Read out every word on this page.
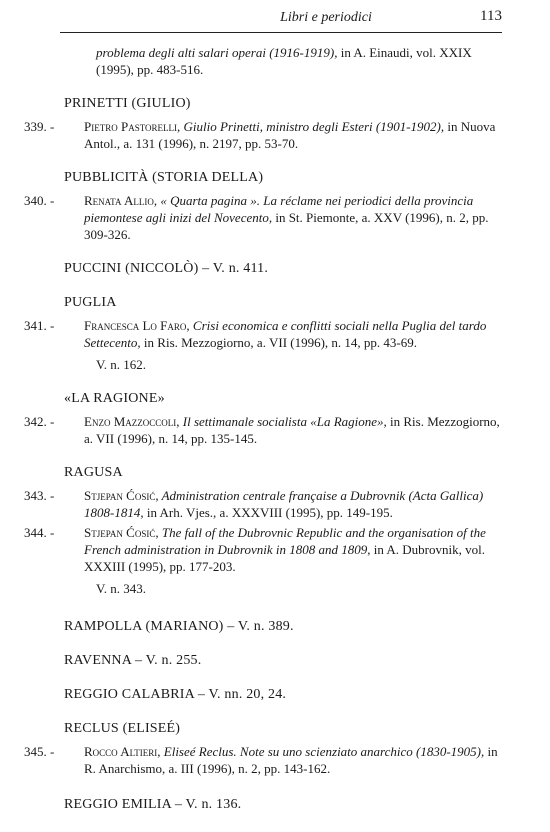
Libri e periodici	113
problema degli alti salari operai (1916-1919), in A. Einaudi, vol. XXIX (1995), pp. 483-516.
PRINETTI (GIULIO)
339. -	Pietro Pastorelli, Giulio Prinetti, ministro degli Esteri (1901-1902), in Nuova Antol., a. 131 (1996), n. 2197, pp. 53-70.
PUBBLICITÀ (STORIA DELLA)
340. -	Renata Allio, « Quarta pagina ». La réclame nei periodici della provincia piemontese agli inizi del Novecento, in St. Piemonte, a. XXV (1996), n. 2, pp. 309-326.
PUCCINI (NICCOLÒ) – V. n. 411.
PUGLIA
341. -	Francesca Lo Faro, Crisi economica e conflitti sociali nella Puglia del tardo Settecento, in Ris. Mezzogiorno, a. VII (1996), n. 14, pp. 43-69.
V. n. 162.
«LA RAGIONE»
342. -	Enzo Mazzoccoli, Il settimanale socialista «La Ragione», in Ris. Mezzogiorno, a. VII (1996), n. 14, pp. 135-145.
RAGUSA
343. -	Stjepan Ćosić, Administration centrale française a Dubrovnik (Acta Gallica) 1808-1814, in Arh. Vjes., a. XXXVIII (1995), pp. 149-195.
344. -	Stjepan Ćosić, The fall of the Dubrovnic Republic and the organisation of the French administration in Dubrovnik in 1808 and 1809, in A. Dubrovnik, vol. XXXIII (1995), pp. 177-203.
V. n. 343.
RAMPOLLA (MARIANO) – V. n. 389.
RAVENNA – V. n. 255.
REGGIO CALABRIA – V. nn. 20, 24.
RECLUS (ELISEÉ)
345. -	Rocco Altieri, Eliseé Reclus. Note su uno scienziato anarchico (1830-1905), in R. Anarchismo, a. III (1996), n. 2, pp. 143-162.
REGGIO EMILIA – V. n. 136.
